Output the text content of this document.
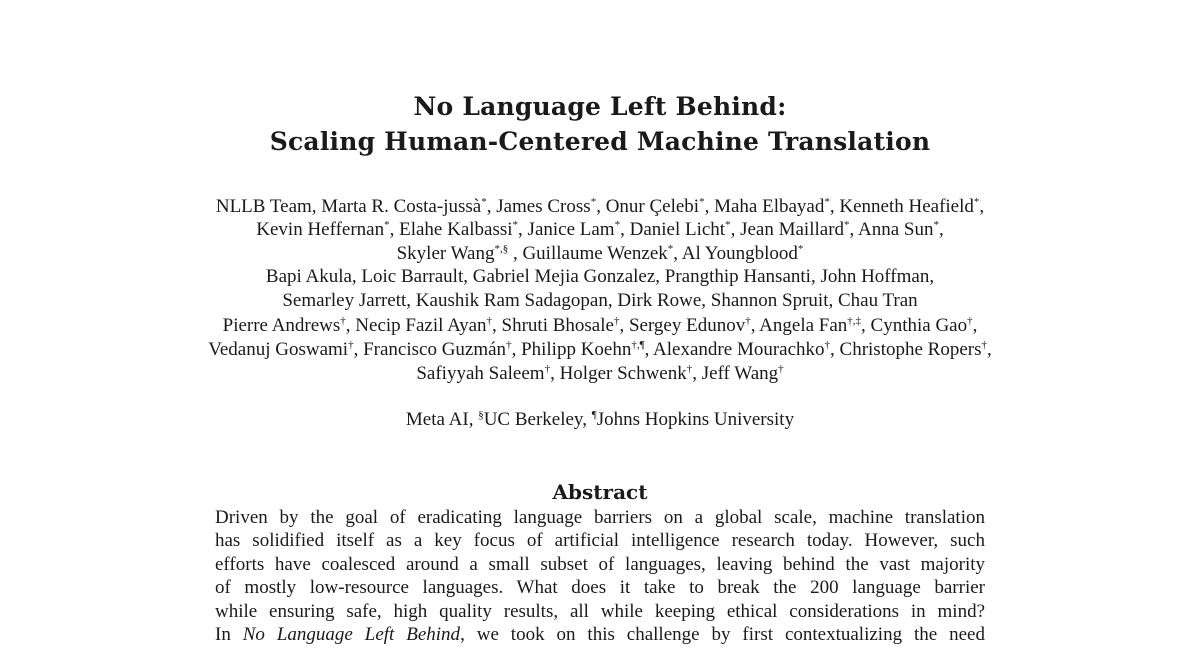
No Language Left Behind:
Scaling Human-Centered Machine Translation
NLLB Team, Marta R. Costa-jussà*, James Cross*, Onur Çelebi*, Maha Elbayad*, Kenneth Heafield*,
Kevin Heffernan*, Elahe Kalbassi*, Janice Lam*, Daniel Licht*, Jean Maillard*, Anna Sun*,
Skyler Wang*,§ , Guillaume Wenzek*, Al Youngblood*
Bapi Akula, Loic Barrault, Gabriel Mejia Gonzalez, Prangthip Hansanti, John Hoffman,
Semarley Jarrett, Kaushik Ram Sadagopan, Dirk Rowe, Shannon Spruit, Chau Tran
Pierre Andrews†, Necip Fazil Ayan†, Shruti Bhosale†, Sergey Edunov†, Angela Fan†,‡, Cynthia Gao†,
Vedanuj Goswami†, Francisco Guzmán†, Philipp Koehn†,¶, Alexandre Mourachko†, Christophe Ropers†,
Safiyyah Saleem†, Holger Schwenk†, Jeff Wang†
Meta AI, §UC Berkeley, ¶Johns Hopkins University
Abstract
Driven by the goal of eradicating language barriers on a global scale, machine translation
has solidified itself as a key focus of artificial intelligence research today. However, such
efforts have coalesced around a small subset of languages, leaving behind the vast majority
of mostly low-resource languages. What does it take to break the 200 language barrier
while ensuring safe, high quality results, all while keeping ethical considerations in mind?
In No Language Left Behind, we took on this challenge by first contextualizing the need
